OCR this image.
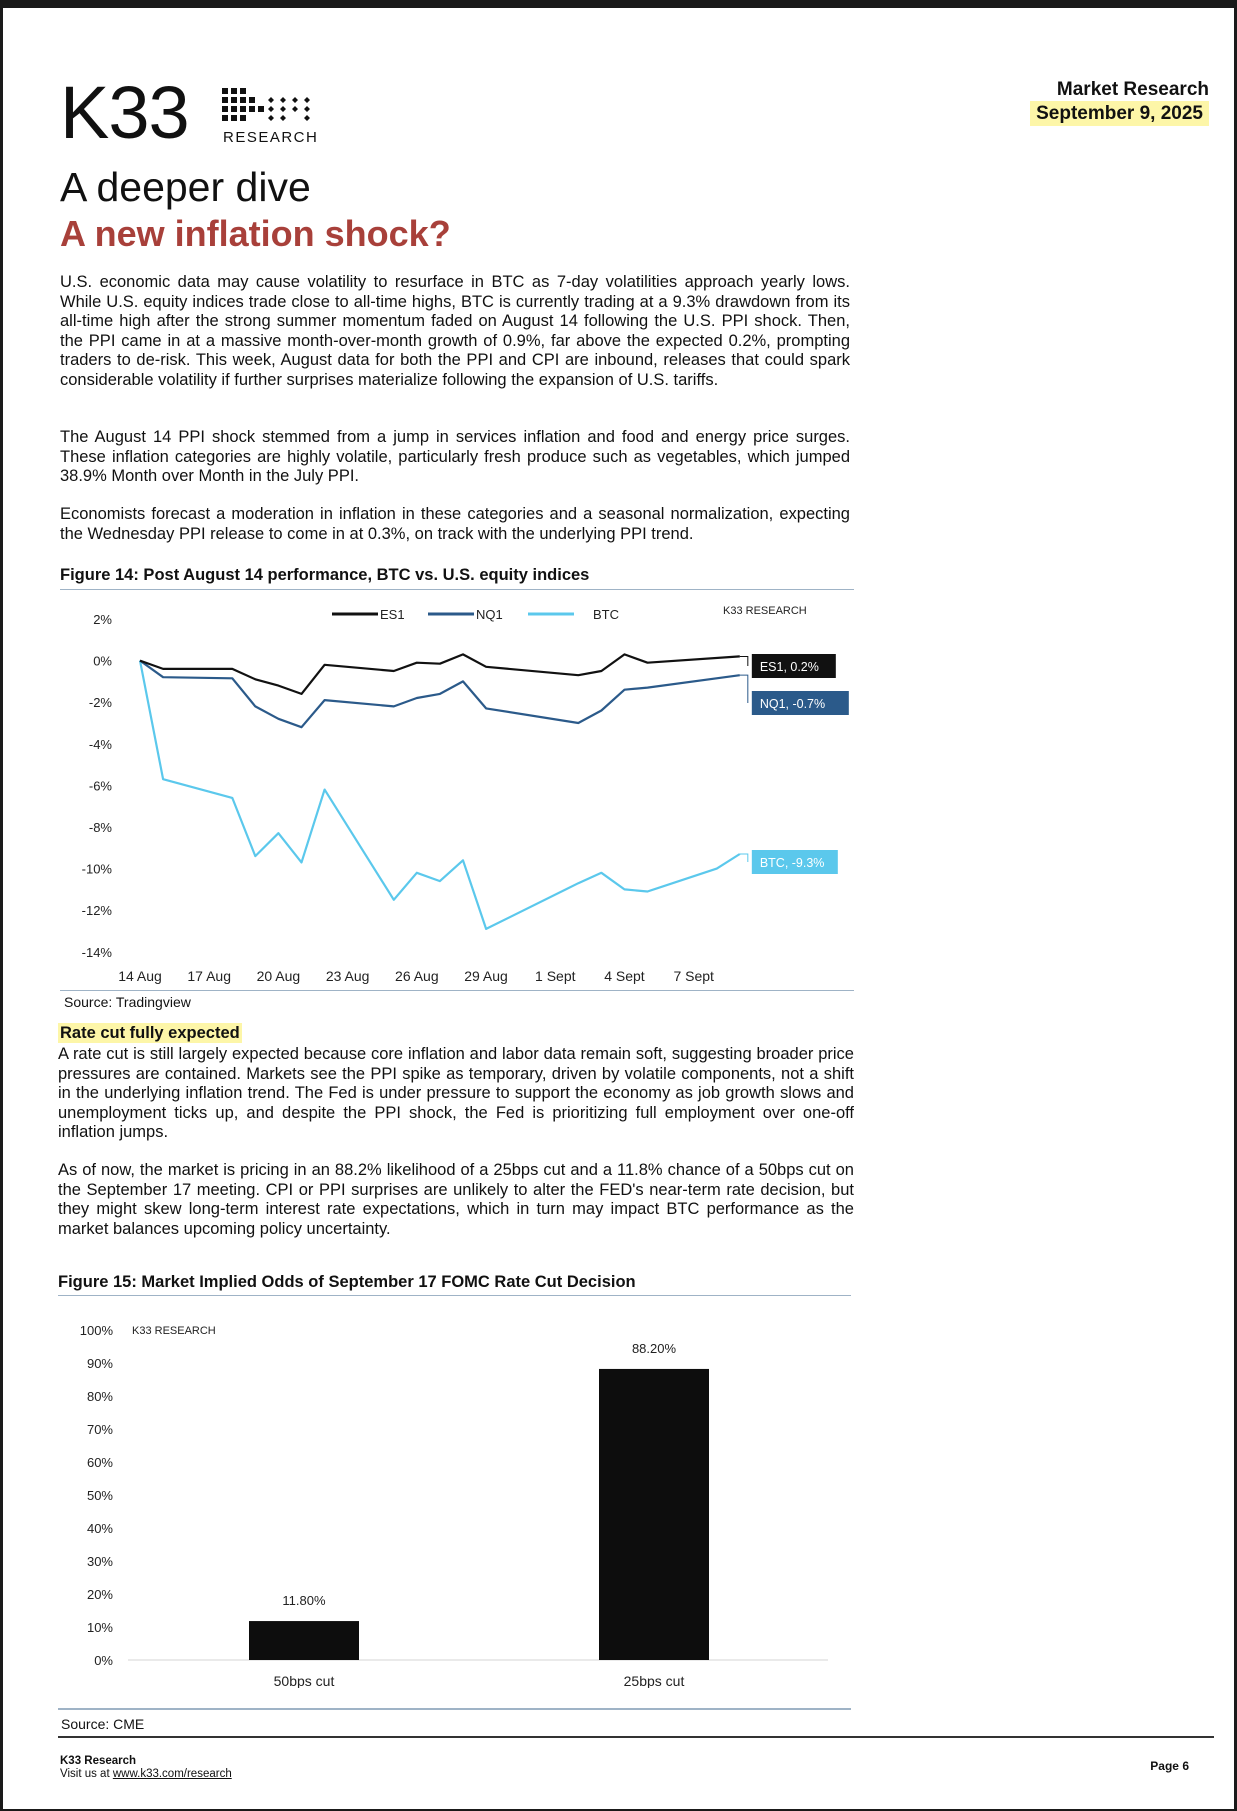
K33 RESEARCH
Market Research
September 9, 2025
A deeper dive
A new inflation shock?

U.S. economic data may cause volatility to resurface in BTC as 7-day volatilities approach yearly lows. While U.S. equity indices trade close to all-time highs, BTC is currently trading at a 9.3% drawdown from its all-time high after the strong summer momentum faded on August 14 following the U.S. PPI shock. Then, the PPI came in at a massive month-over-month growth of 0.9%, far above the expected 0.2%, prompting traders to de-risk. This week, August data for both the PPI and CPI are inbound, releases that could spark considerable volatility if further surprises materialize following the expansion of U.S. tariffs.

The August 14 PPI shock stemmed from a jump in services inflation and food and energy price surges. These inflation categories are highly volatile, particularly fresh produce such as vegetables, which jumped 38.9% Month over Month in the July PPI.

Economists forecast a moderation in inflation in these categories and a seasonal normalization, expecting the Wednesday PPI release to come in at 0.3%, on track with the underlying PPI trend.

Figure 14: Post August 14 performance, BTC vs. U.S. equity indices
2%
0%
-2%
-4%
-6%
-8%
-10%
-12%
-14%
14 Aug 17 Aug 20 Aug 23 Aug 26 Aug 29 Aug 1 Sept 4 Sept 7 Sept
ES1	NQ1	BTC	K33 RESEARCH
ES1, 0.2%
NQ1, -0.7%
BTC, -9.3%
Source: Tradingview
Rate cut fully expected

A rate cut is still largely expected because core inflation and labor data remain soft, suggesting broader price pressures are contained. Markets see the PPI spike as temporary, driven by volatile components, not a shift in the underlying inflation trend. The Fed is under pressure to support the economy as job growth slows and unemployment ticks up, and despite the PPI shock, the Fed is prioritizing full employment over one-off inflation jumps.

As of now, the market is pricing in an 88.2% likelihood of a 25bps cut and a 11.8% chance of a 50bps cut on the September 17 meeting. CPI or PPI surprises are unlikely to alter the FED's near-term rate decision, but they might skew long-term interest rate expectations, which in turn may impact BTC performance as the market balances upcoming policy uncertainty.

Figure 15: Market Implied Odds of September 17 FOMC Rate Cut Decision
100%
90%
80%
70%
60%
50%
40%
30%
20%
10%
0%
K33 RESEARCH
11.80%
50bps cut
88.20%
25bps cut
Source: CME
K33 Research
Visit us at www.k33.com/research
Page 6
